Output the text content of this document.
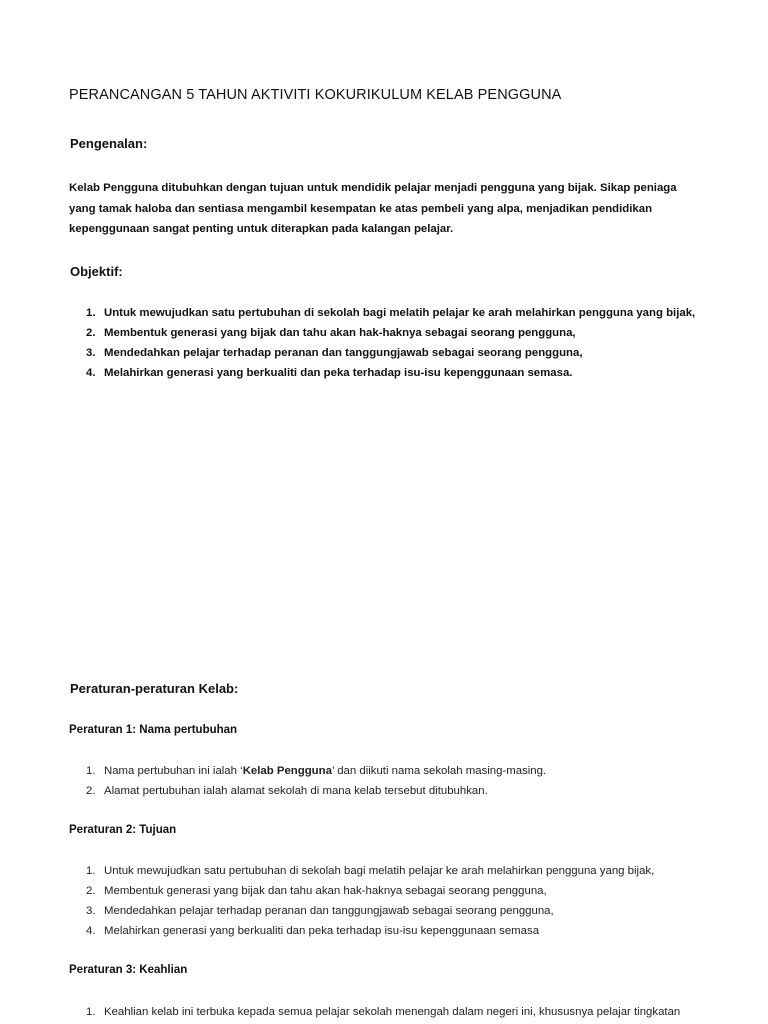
PERANCANGAN 5 TAHUN AKTIVITI KOKURIKULUM KELAB PENGGUNA
Pengenalan:
Kelab Pengguna ditubuhkan dengan tujuan untuk mendidik pelajar menjadi pengguna yang bijak. Sikap peniaga yang tamak haloba dan sentiasa mengambil kesempatan ke atas pembeli yang alpa, menjadikan pendidikan kepenggunaan sangat penting untuk diterapkan pada kalangan pelajar.
Objektif:
1. Untuk mewujudkan satu pertubuhan di sekolah bagi melatih pelajar ke arah melahirkan pengguna yang bijak,
2. Membentuk generasi yang bijak dan tahu akan hak-haknya sebagai seorang pengguna,
3. Mendedahkan pelajar terhadap peranan dan tanggungjawab sebagai seorang pengguna,
4. Melahirkan generasi yang berkualiti dan peka terhadap isu-isu kepenggunaan semasa.
Peraturan-peraturan Kelab:
Peraturan 1: Nama pertubuhan
1. Nama pertubuhan ini ialah ‘Kelab Pengguna’ dan diikuti nama sekolah masing-masing.
2. Alamat pertubuhan ialah alamat sekolah di mana kelab tersebut ditubuhkan.
Peraturan 2: Tujuan
1. Untuk mewujudkan satu pertubuhan di sekolah bagi melatih pelajar ke arah melahirkan pengguna yang bijak,
2. Membentuk generasi yang bijak dan tahu akan hak-haknya sebagai seorang pengguna,
3. Mendedahkan pelajar terhadap peranan dan tanggungjawab sebagai seorang pengguna,
4. Melahirkan generasi yang berkualiti dan peka terhadap isu-isu kepenggunaan semasa
Peraturan 3: Keahlian
1. Keahlian kelab ini terbuka kepada semua pelajar sekolah menengah dalam negeri ini, khususnya pelajar tingkatan
